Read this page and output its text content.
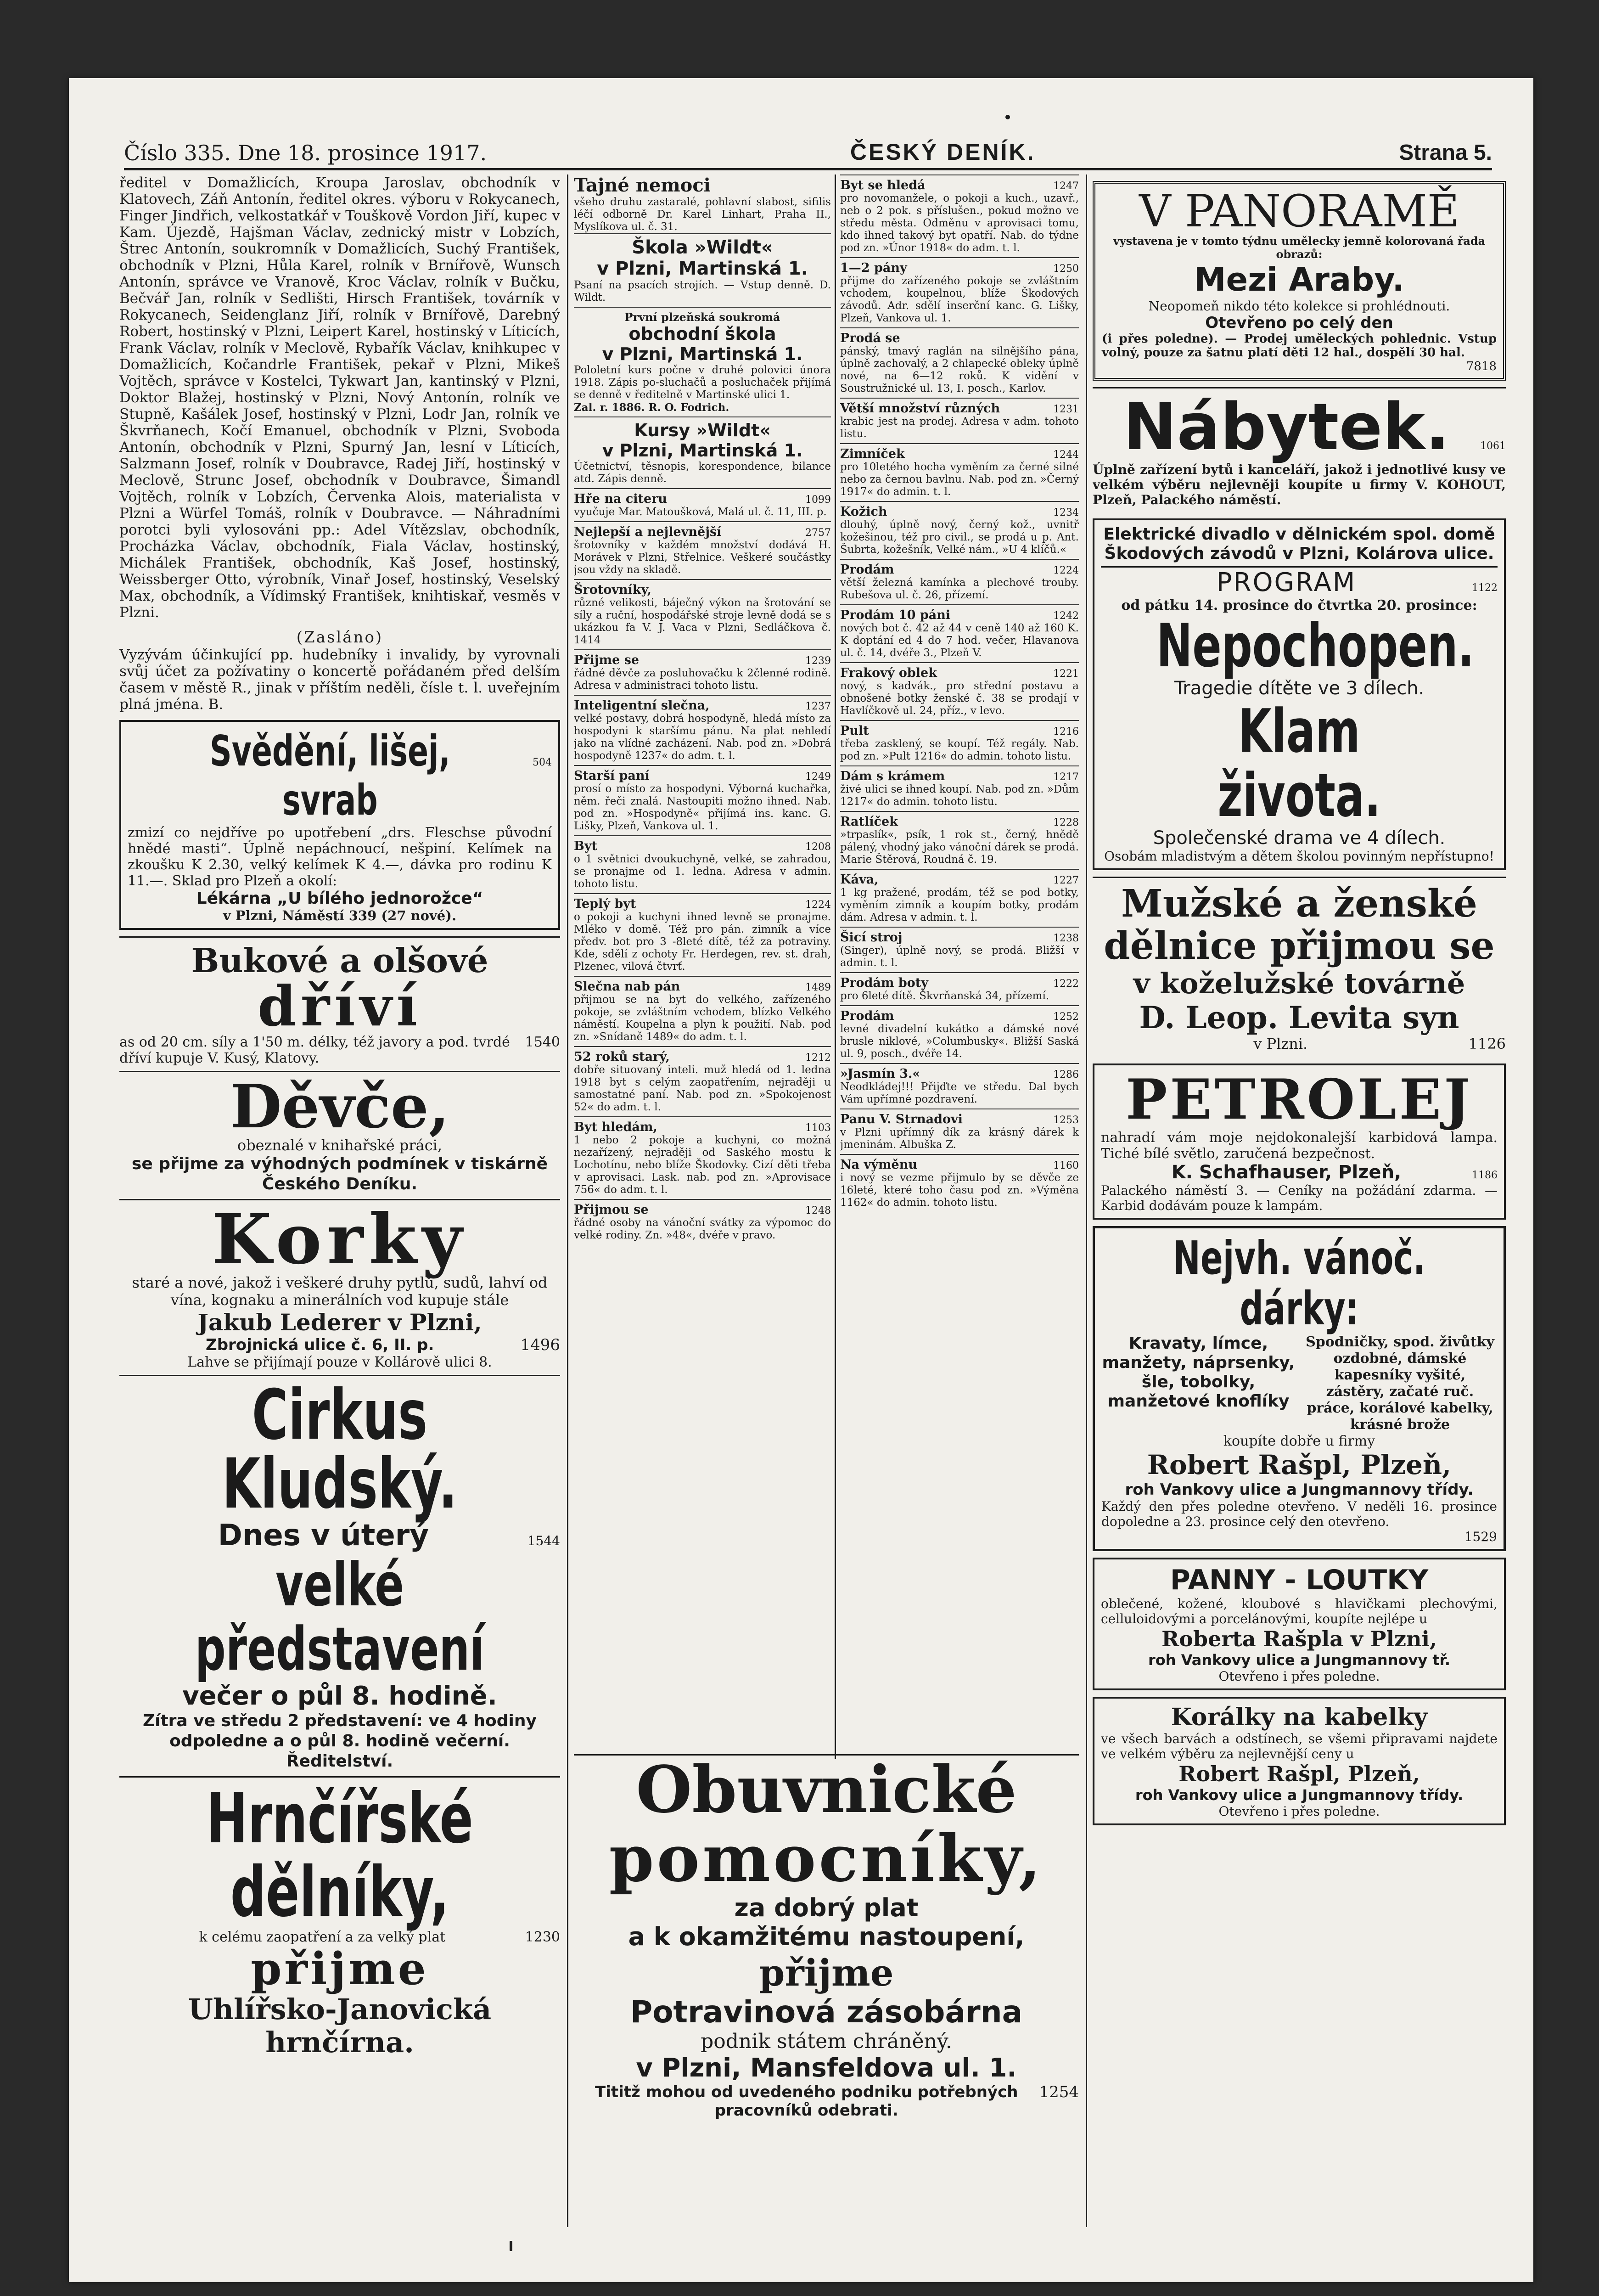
Číslo 335. Dne 18. prosince 1917.	ČESKÝ DENÍK.	Strana 5.

ředitel v Domažlicích, Kroupa Jaroslav, obchodník v Klatovech, Záň Antonín, ředitel okres. výboru v Rokycanech, Finger Jindřich, velkostatkář v Touškově Vordon Jiří, kupec v Kam. Újezdě, Hajšman Václav, zednický mistr v Lobzích, Štrec Antonín, soukromník v Domažlicích, Suchý František, obchodník v Plzni, Hůla Karel, rolník v Brnířově, Wunsch Antonín, správce ve Vranově, Kroc Václav, rolník v Bučku, Bečvář Jan, rolník v Sedlišti, Hirsch František, továrník v Rokycanech, Seidenglanz Jiří, rolník v Brnířově, Darebný Robert, hostinský v Plzni, Leipert Karel, hostinský v Líticích, Frank Václav, rolník v Meclově, Rybařík Václav, knihkupec v Domažlicích, Kočandrle František, pekař v Plzni, Mikeš Vojtěch, správce v Kostelci, Tykwart Jan, kantinský v Plzni, Doktor Blažej, hostinský v Plzni, Nový Antonín, rolník ve Stupně, Kašálek Josef, hostinský v Plzni, Lodr Jan, rolník ve Škvrňanech, Kočí Emanuel, obchodník v Plzni, Svoboda Antonín, obchodník v Plzni, Spurný Jan, lesní v Líticích, Salzmann Josef, rolník v Doubravce, Radej Jiří, hostinský v Meclově, Strunc Josef, obchodník v Doubravce, Šimandl Vojtěch, rolník v Lobzích, Červenka Alois, materialista v Plzni a Würfel Tomáš, rolník v Doubravce. — Náhradními porotci byli vylosováni pp.: Adel Vítězslav, obchodník, Procházka Václav, obchodník, Fiala Václav, hostinský, Michálek František, obchodník, Kaš Josef, hostinský, Weissberger Otto, výrobník, Vinař Josef, hostinský, Veselský Max, obchodník, a Vídimský František, knihtiskař, vesměs v Plzni.

(Zasláno)

Vyzývám účinkující pp. hudebníky i invalidy, by vyrovnali svůj účet za požívatiny o koncertě pořádaném před delším časem v městě R., jinak v příštím neděli, čísle t. l. uveřejním plná jména. B.

Svědění, lišej, svrab
504

zmizí co nejdříve po upotřebení „drs. Fleschse původní hnědé masti“. Úplně nepáchnoucí, nešpiní. Kelímek na zkoušku K 2.30, velký kelímek K 4.—, dávka pro rodinu K 11.—. Sklad pro Plzeň a okolí:

Lékárna „U bílého jednorožce“
v Plzni, Náměstí 339 (27 nové).
Bukové a olšové
dříví
as od 20 cm. síly a 1'50 m. délky, též javory a pod. tvrdé dříví kupuje V. Kusý, Klatovy.
1540
Děvče,
obeznalé v knihařské práci,
se přijme za výhodných podmínek v tiskárně Českého Deníku.
Korky
staré a nové, jakož i veškeré druhy pytlů, sudů, lahví od vína, kognaku a minerálních vod kupuje stále
Jakub Lederer v Plzni,
Zbrojnická ulice č. 6, II. p.	1496
Lahve se přijímají pouze v Kollárově ulici 8.
Cirkus Kludský.
Dnes v úterý	1544
velké představení
večer o půl 8. hodině.
Zítra ve středu 2 představení: ve 4 hodiny odpoledne a o půl 8. hodině večerní. Ředitelství.
Hrnčířské dělníky,
k celému zaopatření a za velký plat	1230
přijme
Uhlířsko-Janovická hrnčírna.
Tajné nemoci

všeho druhu zastaralé, pohlavní slabost, sifilis léčí odborně Dr. Karel Linhart, Praha II., Myslíkova ul. č. 31.

Škola »Wildt«
v Plzni, Martinská 1.

Psaní na psacích strojích. — Vstup denně. D. Wildt.

První plzeňská soukromá
obchodní škola
v Plzni, Martinská 1.

Pololetní kurs počne v druhé polovici února 1918. Zápis po-sluchačů a posluchaček přijímá se denně v ředitelně v Martinské ulici 1.

Zal. r. 1886. R. O. Fodrich.

Kursy »Wildt«
v Plzni, Martinská 1.

Účetnictví, těsnopis, korespondence, bilance atd. Zápis denně.

Hře na citeru	1099

vyučuje Mar. Matoušková, Malá ul. č. 11, III. p.

Nejlepší a nejlevnější	2757

šrotovníky v každém množství dodává H. Morávek v Plzni, Střelnice. Veškeré součástky jsou vždy na skladě.

Šrotovníky,

různé velikosti, báječný výkon na šrotování se síly a ruční, hospodářské stroje levně dodá se s ukázkou fa V. J. Vaca v Plzni, Sedláčkova č. 1414

Přijme se	1239

řádné děvče za posluhovačku k 2členné rodině. Adresa v administraci tohoto listu.

Inteligentní slečna,	1237

velké postavy, dobrá hospodyně, hledá místo za hospodyni k staršímu pánu. Na plat nehledí jako na vlídné zacházení. Nab. pod zn. »Dobrá hospodyně 1237« do adm. t. l.

Starší paní	1249

prosí o místo za hospodyni. Výborná kuchařka, něm. řeči znalá. Nastoupiti možno ihned. Nab. pod zn. »Hospodyně« přijímá ins. kanc. G. Lišky, Plzeň, Vankova ul. 1.

Byt	1208

o 1 světnici dvoukuchyně, velké, se zahradou, se pronajme od 1. ledna. Adresa v admin. tohoto listu.

Teplý byt	1224

o pokoji a kuchyni ihned levně se pronajme. Mléko v domě. Též pro pán. zimník a více předv. bot pro 3 -8leté dítě, též za potraviny. Kde, sdělí z ochoty Fr. Herdegen, rev. st. drah, Plzenec, vilová čtvrť.

Slečna nab pán	1489

přijmou se na byt do velkého, zařízeného pokoje, se zvláštním vchodem, blízko Velkého náměstí. Koupelna a plyn k použití. Nab. pod zn. »Snídaně 1489« do adm. t. l.

52 roků starý,	1212

dobře situovaný inteli. muž hledá od 1. ledna 1918 byt s celým zaopatřením, nejraději u samostatné paní. Nab. pod zn. »Spokojenost 52« do adm. t. l.

Byt hledám,	1103

1 nebo 2 pokoje a kuchyni, co možná nezařízený, nejraději od Saského mostu k Lochotínu, nebo blíže Škodovky. Cizí děti třeba v aprovisaci. Lask. nab. pod zn. »Aprovisace 756« do adm. t. l.

Přijmou se	1248

řádné osoby na vánoční svátky za výpomoc do velké rodiny. Zn. »48«, dvéře v pravo.

Byt se hledá	1247

pro novomanžele, o pokoji a kuch., uzavř., neb o 2 pok. s příslušen., pokud možno ve středu města. Odměnu v aprovisaci tomu, kdo ihned takový byt opatří. Nab. do týdne pod zn. »Únor 1918« do adm. t. l.

1—2 pány	1250

přijme do zařízeného pokoje se zvláštním vchodem, koupelnou, blíže Škodových závodů. Adr. sdělí inserční kanc. G. Lišky, Plzeň, Vankova ul. 1.

Prodá se

pánský, tmavý raglán na silnějšího pána, úplně zachovalý, a 2 chlapecké obleky úplně nové, na 6—12 roků. K vidění v Soustružnické ul. 13, I. posch., Karlov.

Větší množství různých	1231

krabic jest na prodej. Adresa v adm. tohoto listu.

Zimníček	1244

pro 10letého hocha vyměním za černé silné nebo za černou bavlnu. Nab. pod zn. »Černý 1917« do admin. t. l.

Kožich	1234

dlouhý, úplně nový, černý kož., uvnitř kožešinou, též pro civil., se prodá u p. Ant. Šubrta, kožešník, Velké nám., »U 4 klíčů.«

Prodám	1224

větší železná kamínka a plechové trouby. Rubešova ul. č. 26, přízemí.

Prodám 10 páni	1242

nových bot č. 42 až 44 v ceně 140 až 160 K. K doptání ed 4 do 7 hod. večer, Hlavanova ul. č. 14, dvéře 3., Plzeň V.

Frakový oblek	1221

nový, s kadvák., pro střední postavu a obnošené botky ženské č. 38 se prodají v Havlíčkově ul. 24, příz., v levo.

Pult	1216

třeba zasklený, se koupí. Též regály. Nab. pod zn. »Pult 1216« do admin. tohoto listu.

Dám s krámem	1217

živé ulici se ihned koupí. Nab. pod zn. »Dům 1217« do admin. tohoto listu.

Ratlíček	1228

»trpaslík«, psík, 1 rok st., černý, hnědě pálený, vhodný jako vánoční dárek se prodá. Marie Štěrová, Roudná č. 19.

Káva,	1227

1 kg pražené, prodám, též se pod botky, vyměním zimník a koupím botky, prodám dám. Adresa v admin. t. l.

Šicí stroj	1238

(Singer), úplně nový, se prodá. Bližší v admin. t. l.

Prodám boty	1222

pro 6leté dítě. Škvrňanská 34, přízemí.

Prodám	1252

levné divadelní kukátko a dámské nové brusle niklové, »Columbusky«. Bližší Saská ul. 9, posch., dvéře 14.

»Jasmín 3.«	1286

Neodkládej!!! Přijďte ve středu. Dal bych Vám upřímné pozdravení.

Panu V. Strnadovi	1253

v Plzni upřímný dík za krásný dárek k jmeninám. Albuška Z.

Na výměnu	1160

i nový se vezme přijmulo by se děvče ze 16leté, které toho času pod zn. »Výměna 1162« do admin. tohoto listu.

Obuvnické
pomocníky,
za dobrý plat
a k okamžitému nastoupení,
přijme
Potravinová zásobárna
podnik státem chráněný.
v Plzni, Mansfeldova ul. 1.
Tititž mohou od uvedeného podniku potřebných pracovníků odebrati.
1254
V PANORAMĚ
vystavena je v tomto týdnu umělecky jemně kolorovaná řada obrazů:
Mezi Araby.
Neopomeň nikdo této kolekce si prohlédnouti.
Otevřeno po celý den

(i přes poledne). — Prodej uměleckých pohlednic. Vstup volný, pouze za šatnu platí děti 12 hal., dospělí 30 hal.

7818
Nábytek.	1061

Úplně zařízení bytů i kanceláří, jakož i jednotlivé kusy ve velkém výběru nejlevněji koupíte u firmy V. KOHOUT, Plzeň, Palackého náměstí.

Elektrické divadlo v dělnickém spol. domě Škodových závodů v Plzni, Kolárova ulice.
PROGRAM	1122
od pátku 14. prosince do čtvrtka 20. prosince:
Nepochopen.
Tragedie dítěte ve 3 dílech.
Klam života.
Společenské drama ve 4 dílech.
Osobám mladistvým a dětem školou povinným nepřístupno!
Mužské a ženské
dělnice přijmou se
v koželužské továrně
D. Leop. Levita syn
v Plzni.	1126
PETROLEJ

nahradí vám moje nejdokonalejší karbidová lampa. Tiché bílé světlo, zaručená bezpečnost.

K. Schafhauser, Plzeň,	1186

Palackého náměstí 3. — Ceníky na požádání zdarma. — Karbid dodávám pouze k lampám.

Nejvh. vánoč. dárky:
Kravaty, límce, manžety, náprsenky, šle, tobolky, manžetové knoflíky
Spodničky, spod. živůtky ozdobné, dámské kapesníky vyšité, zástěry, začaté ruč. práce, korálové kabelky, krásné brože
koupíte dobře u firmy
Robert Rašpl, Plzeň,
roh Vankovy ulice a Jungmannovy třídy.

Každý den přes poledne otevřeno. V neděli 16. prosince dopoledne a 23. prosince celý den otevřeno.

1529
PANNY - LOUTKY

oblečené, kožené, kloubové s hlavičkami plechovými, celluloidovými a porcelánovými, koupíte nejlépe u

Roberta Rašpla v Plzni,
roh Vankovy ulice a Jungmannovy tř.
Otevřeno i přes poledne.
Korálky na kabelky

ve všech barvách a odstínech, se všemi připravami najdete ve velkém výběru za nejlevnější ceny u

Robert Rašpl, Plzeň,
roh Vankovy ulice a Jungmannovy třídy.
Otevřeno i přes poledne.
